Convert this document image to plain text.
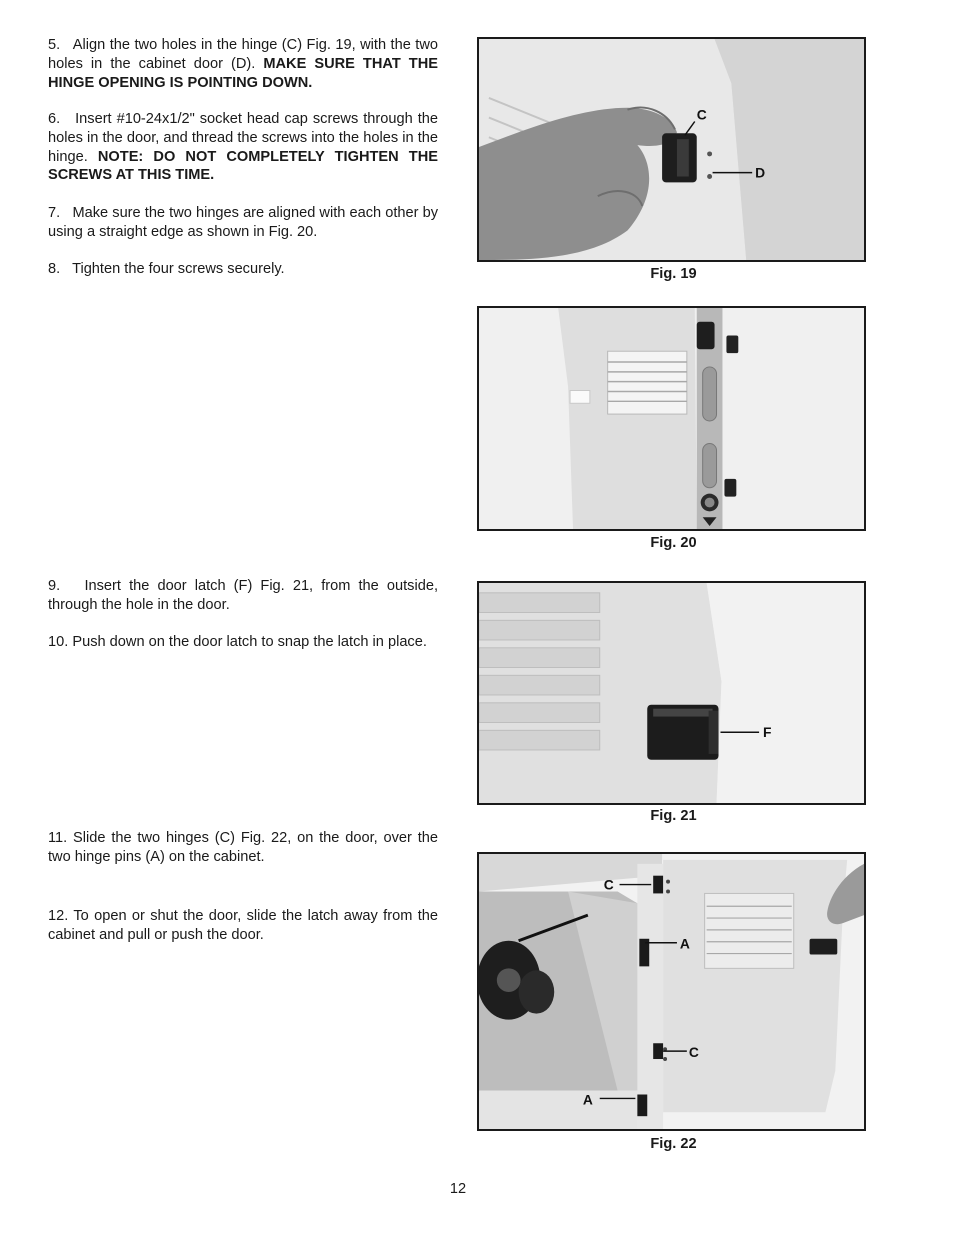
5. Align the two holes in the hinge (C) Fig. 19, with the two holes in the cabinet door (D). MAKE SURE THAT THE HINGE OPENING IS POINTING DOWN.

6. Insert #10-24x1/2" socket head cap screws through the holes in the door, and thread the screws into the holes in the hinge. NOTE: DO NOT COMPLETELY TIGHTEN THE SCREWS AT THIS TIME.

7. Make sure the two hinges are aligned with each other by using a straight edge as shown in Fig. 20.

8. Tighten the four screws securely.

9. Insert the door latch (F) Fig. 21, from the outside, through the hole in the door.

10. Push down on the door latch to snap the latch in place.

11. Slide the two hinges (C) Fig. 22, on the door, over the two hinge pins (A) on the cabinet.

12. To open or shut the door, slide the latch away from the cabinet and pull or push the door.

C
D

Fig. 19

Fig. 20

F

Fig. 21

C
A
C
A

Fig. 22

12
